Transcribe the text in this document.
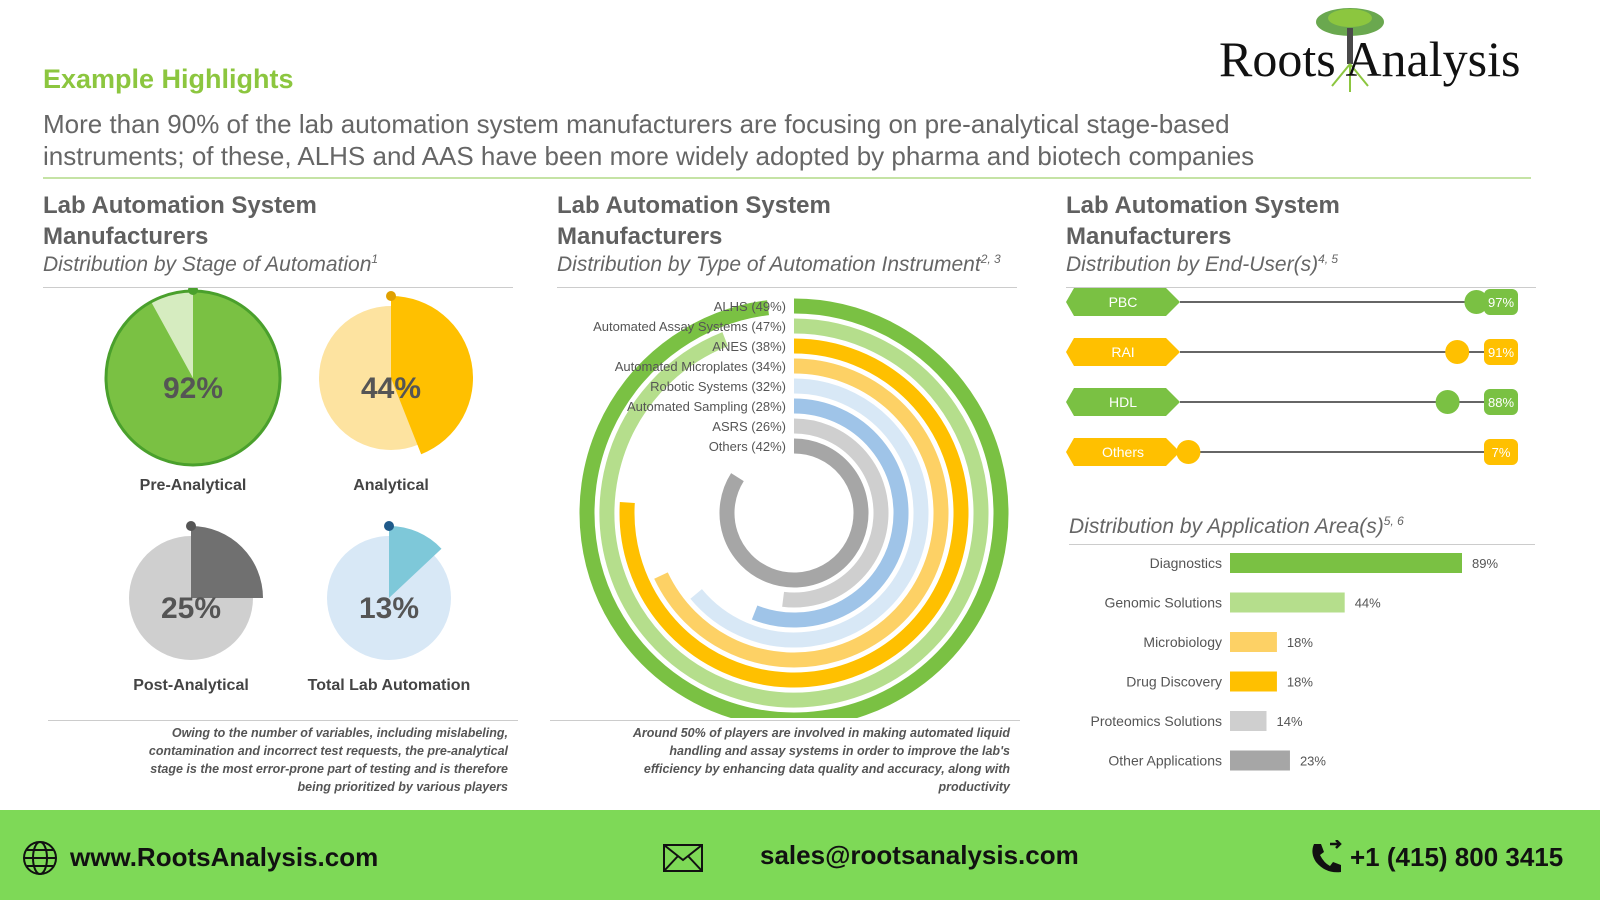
Roots Analysis
Example Highlights
More than 90% of the lab automation system manufacturers are focusing on pre-analytical stage-based
instruments; of these, ALHS and AAS have been more widely adopted by pharma and biotech companies
Lab Automation System
Manufacturers
Distribution by Stage of Automation$^1$
92%
Pre-Analytical
44%
Analytical
25%
Post-Analytical
13%
Total Lab Automation
Owing to the number of variables, including mislabeling,
contamination and incorrect test requests, the pre-analytical
stage is the most error-prone part of testing and is therefore
being prioritized by various players
Lab Automation System
Manufacturers
Distribution by Type of Automation Instrument$^{2, 3}$
ALHS (49%)
Automated Assay Systems (47%)
ANES (38%)
Automated Microplates (34%)
Robotic Systems (32%)
Automated Sampling (28%)
ASRS (26%)
Others (42%)
Around 50% of players are involved in making automated liquid
handling and assay systems in order to improve the lab's
efficiency by enhancing data quality and accuracy, along with
productivity
Lab Automation System
Manufacturers
Distribution by End-$User(s)^{4, 5}$
PBC	97%
RAI	91%
HDL	88%
Others	7%
Distribution by Application $Area(s)^{5, 6}$
Diagnostics	89%
Genomic Solutions	44%
Microbiology	18%
Drug Discovery	18%
Proteomics Solutions	14%
Other Applications	23%
www.RootsAnalysis.com	sales@rootsanalysis.com	+1 (415) 800 3415
